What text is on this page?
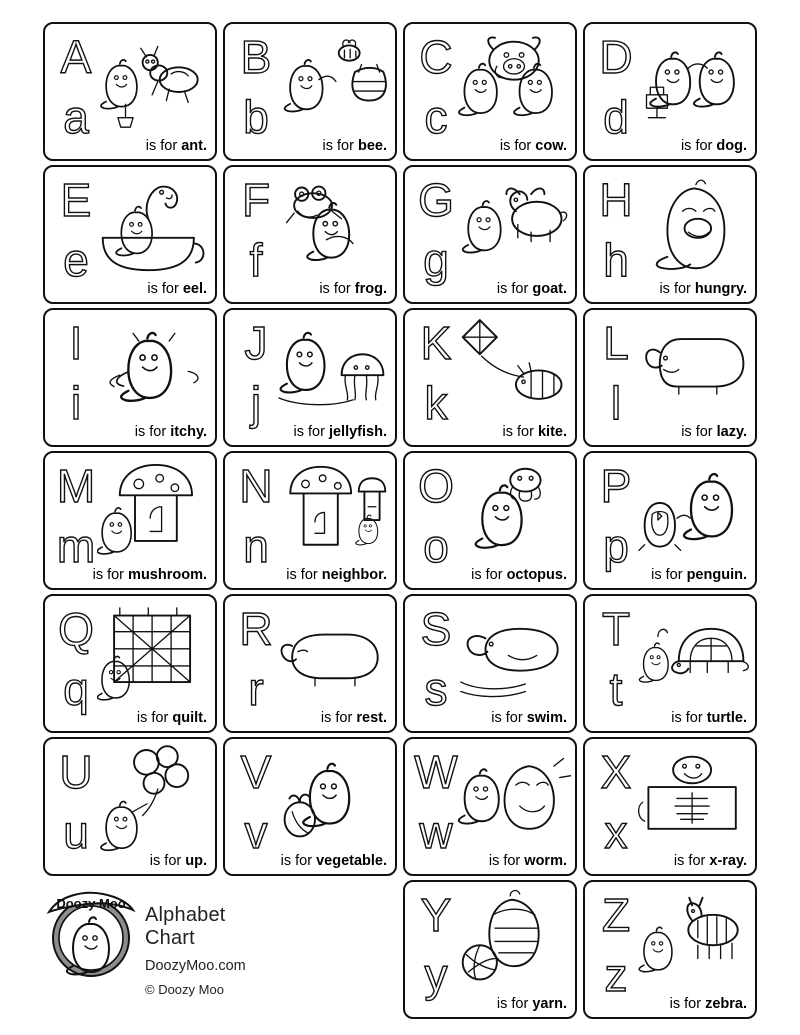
A
a
is for ant.
B
b
is for bee.
C
c
is for cow.
D
d
is for dog.
E
e
is for eel.
F
f
is for frog.
G
g
is for goat.
H
h
is for hungry.
I
i
is for itchy.
J
j
is for jellyfish.
K
k
is for kite.
L
l
is for lazy.
M
m
is for mushroom.
N
n
is for neighbor.
O
o
is for octopus.
P
p
is for penguin.
Q
q
is for quilt.
R
r
is for rest.
S
s
is for swim.
T
t
is for turtle.
U
u
is for up.
V
v
is for vegetable.
W
w
is for worm.
X
x
is for x-ray.
Doozy Moo
Alphabet Chart
DoozyMoo.com
© Doozy Moo
Y
y
is for yarn.
Z
z
is for zebra.
